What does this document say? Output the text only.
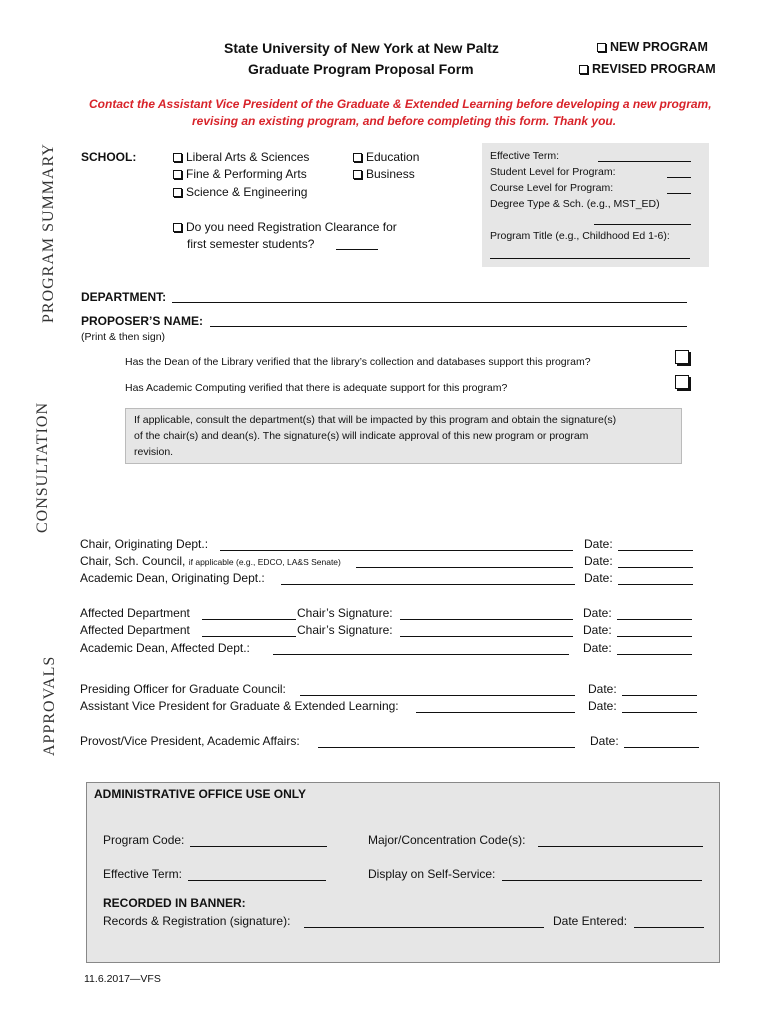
State University of New York at New Paltz
Graduate Program Proposal Form
NEW PROGRAM
REVISED PROGRAM
Contact the Assistant Vice President of the Graduate & Extended Learning before developing a new program,
revising an existing program, and before completing this form. Thank you.
PROGRAM SUMMARY
CONSULTATION
APPROVALS
SCHOOL:	Liberal Arts & Sciences
Fine & Performing Arts
Science & Engineering
Education
Business
Do you need Registration Clearance for
first semester students?
Effective Term:
Student Level for Program:
Course Level for Program:
Degree Type & Sch. (e.g., MST_ED)
Program Title (e.g., Childhood Ed 1-6):
DEPARTMENT:
PROPOSER’S NAME:
(Print & then sign)
Has the Dean of the Library verified that the library’s collection and databases support this program?
Has Academic Computing verified that there is adequate support for this program?
If applicable, consult the department(s) that will be impacted by this program and obtain the signature(s)
of the chair(s) and dean(s). The signature(s) will indicate approval of this new program or program
revision.
Chair, Originating Dept.:	Date:
Chair, Sch. Council, if applicable (e.g., EDCO, LA&S Senate)	Date:
Academic Dean, Originating Dept.:	Date:
Affected Department	Chair’s Signature:	Date:
Affected Department	Chair’s Signature:	Date:
Academic Dean, Affected Dept.:	Date:
Presiding Officer for Graduate Council:	Date:
Assistant Vice President for Graduate & Extended Learning:	Date:
Provost/Vice President, Academic Affairs:	Date:
ADMINISTRATIVE OFFICE USE ONLY
Program Code:	Major/Concentration Code(s):
Effective Term:	Display on Self-Service:
RECORDED IN BANNER:
Records & Registration (signature):	Date Entered:
11.6.2017—VFS
